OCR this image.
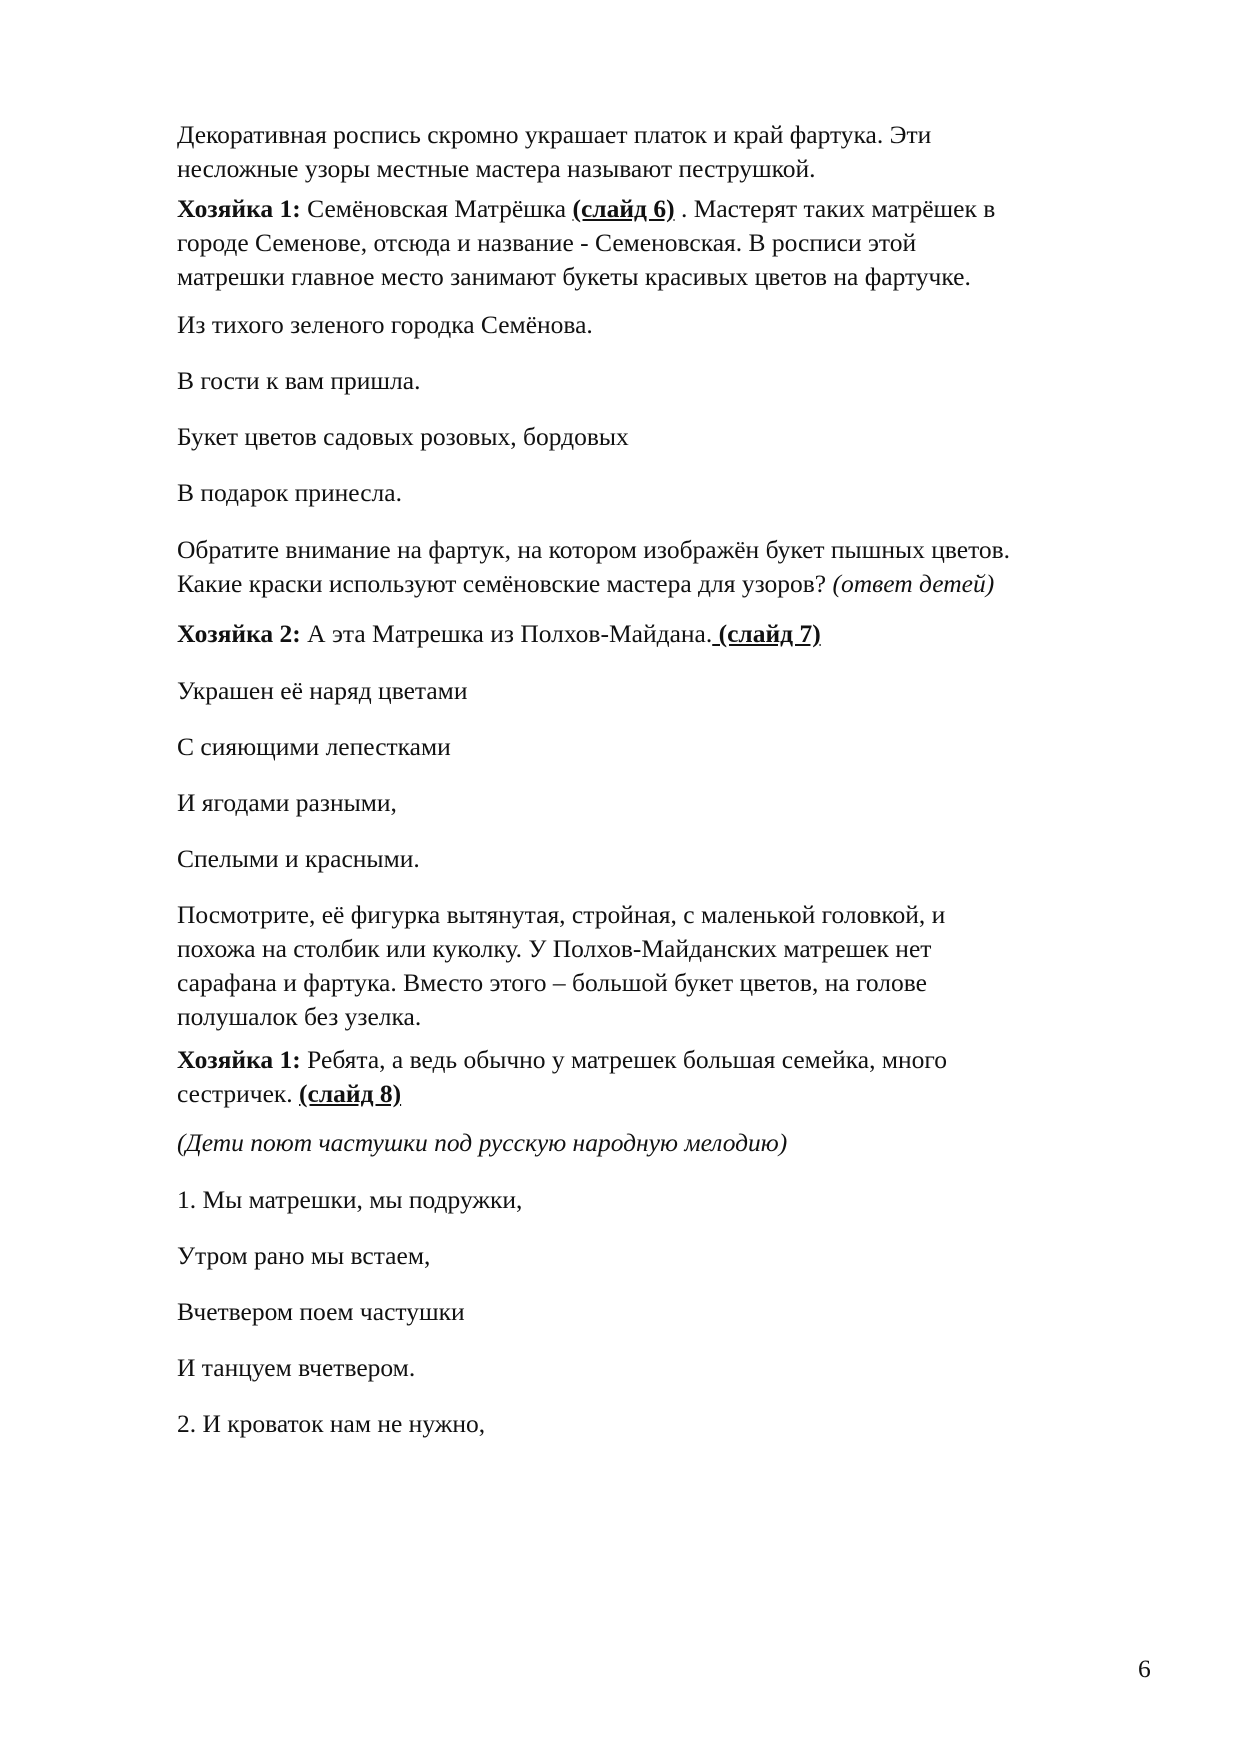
Декоративная роспись скромно украшает платок и край фартука. Эти
несложные узоры местные мастера называют пеструшкой.

Хозяйка 1: Семёновская Матрёшка (слайд 6) . Мастерят таких матрёшек в
городе Семенове, отсюда и название - Семеновская. В росписи этой
матрешки главное место занимают букеты красивых цветов на фартучке.

Из тихого зеленого городка Семёнова.

В гости к вам пришла.

Букет цветов садовых розовых, бордовых

В подарок принесла.

Обратите внимание на фартук, на котором изображён букет пышных цветов.
Какие краски используют семёновские мастера для узоров? (ответ детей)

Хозяйка 2: А эта Матрешка из Полхов-Майдана. (слайд 7)

Украшен её наряд цветами

С сияющими лепестками

И ягодами разными,

Спелыми и красными.

Посмотрите, её фигурка вытянутая, стройная, с маленькой головкой, и
похожа на столбик или куколку. У Полхов-Майданских матрешек нет
сарафана и фартука. Вместо этого – большой букет цветов, на голове
полушалок без узелка.

Хозяйка 1: Ребята, а ведь обычно у матрешек большая семейка, много
сестричек. (слайд 8)

(Дети поют частушки под русскую народную мелодию)

1. Мы матрешки, мы подружки,

Утром рано мы встаем,

Вчетвером поем частушки

И танцуем вчетвером.

2. И кроваток нам не нужно,

6
